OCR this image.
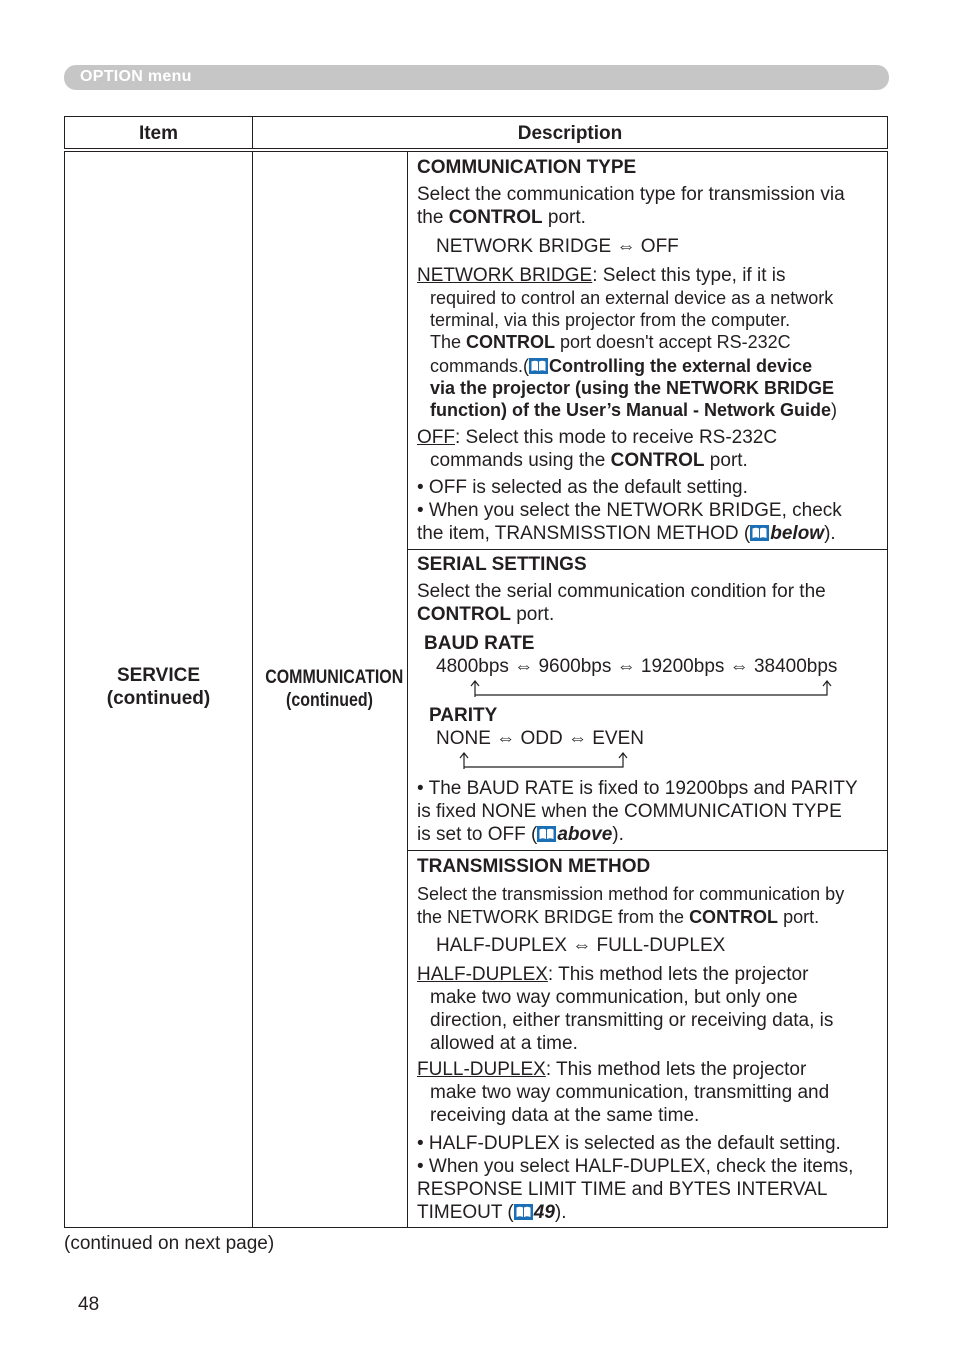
OPTION menu
Item	Description
SERVICE
(continued)
COMMUNICATION
(continued)
COMMUNICATION TYPE
Select the communication type for transmission via
the CONTROL port.
NETWORK BRIDGE ⇔ OFF
NETWORK BRIDGE: Select this type, if it is
required to control an external device as a network
terminal, via this projector from the computer.
The CONTROL port doesn't accept RS-232C
commands.( Controlling the external device
via the projector (using the NETWORK BRIDGE
function) of the User’s Manual - Network Guide)
OFF: Select this mode to receive RS-232C
commands using the CONTROL port.
• OFF is selected as the default setting.
• When you select the NETWORK BRIDGE, check
the item, TRANSMISSTION METHOD ( below).
SERIAL SETTINGS
Select the serial communication condition for the
CONTROL port.
BAUD RATE
4800bps ⇔ 9600bps ⇔ 19200bps ⇔ 38400bps
PARITY
NONE ⇔ ODD ⇔ EVEN
• The BAUD RATE is fixed to 19200bps and PARITY
is fixed NONE when the COMMUNICATION TYPE
is set to OFF ( above).
TRANSMISSION METHOD
Select the transmission method for communication by
the NETWORK BRIDGE from the CONTROL port.
HALF-DUPLEX ⇔ FULL-DUPLEX
HALF-DUPLEX: This method lets the projector
make two way communication, but only one
direction, either transmitting or receiving data, is
allowed at a time.
FULL-DUPLEX: This method lets the projector
make two way communication, transmitting and
receiving data at the same time.
• HALF-DUPLEX is selected as the default setting.
• When you select HALF-DUPLEX, check the items,
RESPONSE LIMIT TIME and BYTES INTERVAL
TIMEOUT ( 49).
(continued on next page)
48
